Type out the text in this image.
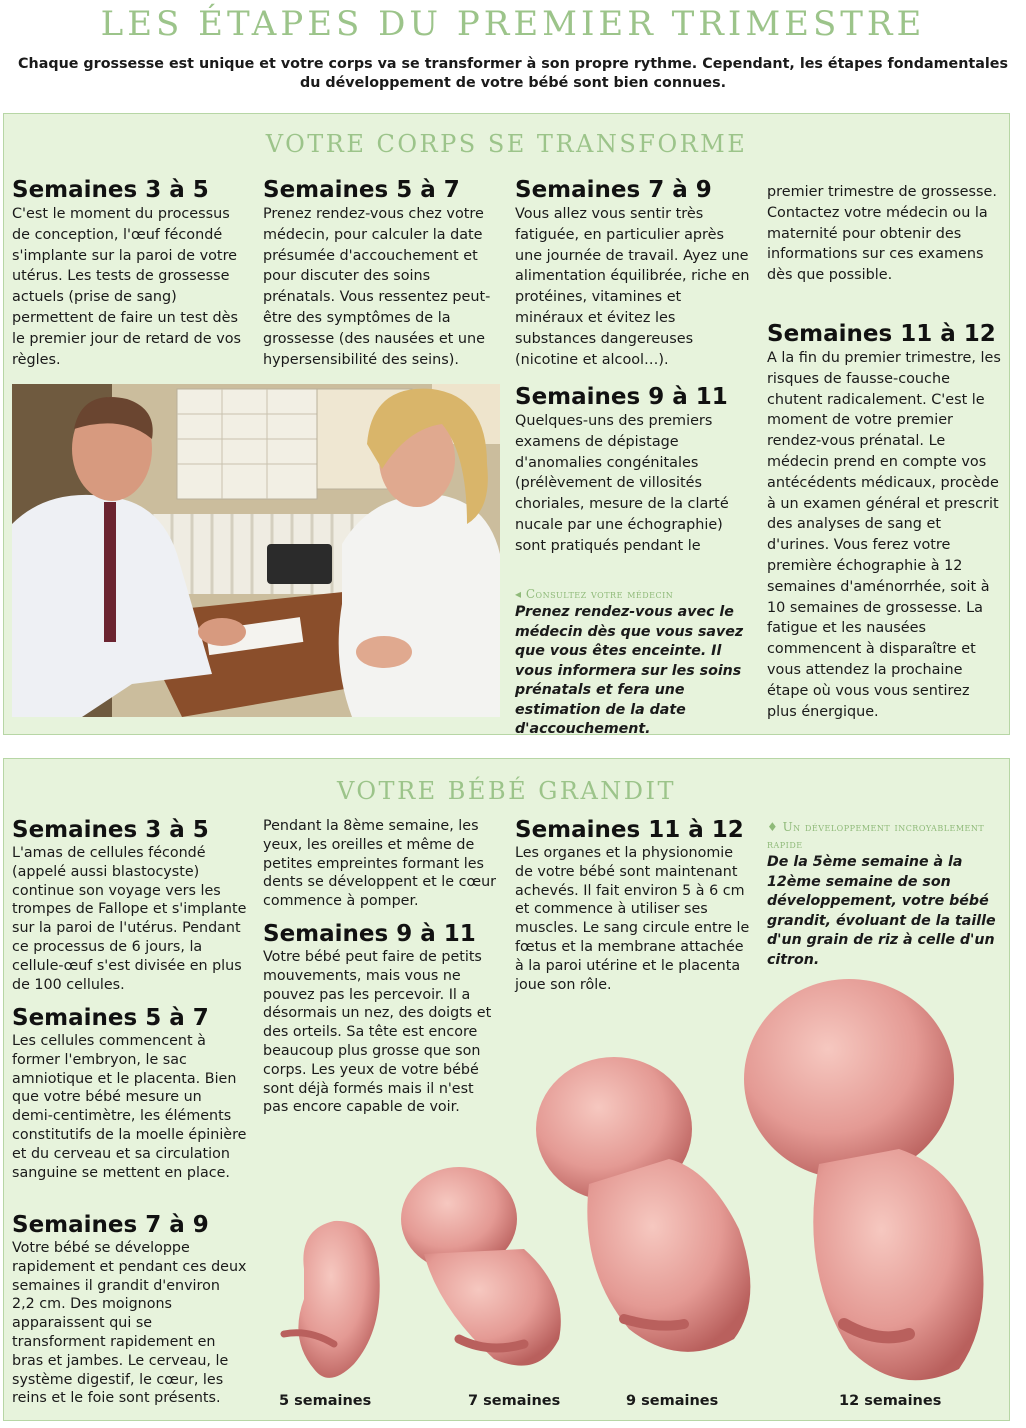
LES ÉTAPES DU PREMIER TRIMESTRE
Chaque grossesse est unique et votre corps va se transformer à son propre rythme. Cependant, les étapes fondamentales du développement de votre bébé sont bien connues.
VOTRE CORPS SE TRANSFORME
Semaines 3 à 5

C'est le moment du processus de conception, l'œuf fécondé s'implante sur la paroi de votre utérus. Les tests de grossesse actuels (prise de sang) permettent de faire un test dès le premier jour de retard de vos règles.

Semaines 5 à 7

Prenez rendez-vous chez votre médecin, pour calculer la date présumée d'accouchement et pour discuter des soins prénatals. Vous ressentez peut-être des symptômes de la grossesse (des nausées et une hypersensibilité des seins).

Semaines 7 à 9

Vous allez vous sentir très fatiguée, en particulier après une journée de travail. Ayez une alimentation équilibrée, riche en protéines, vitamines et minéraux et évitez les substances dangereuses (nicotine et alcool…).

Semaines 9 à 11

Quelques-uns des premiers examens de dépistage d'anomalies congénitales (prélèvement de villosités choriales, mesure de la clarté nucale par une échographie) sont pratiqués pendant le

◂ Consultez votre médecin
Prenez rendez-vous avec le médecin dès que vous savez que vous êtes enceinte. Il vous informera sur les soins prénatals et fera une estimation de la date d'accouchement.

premier trimestre de grossesse. Contactez votre médecin ou la maternité pour obtenir des informations sur ces examens dès que possible.

Semaines 11 à 12

A la fin du premier trimestre, les risques de fausse-couche chutent radicalement. C'est le moment de votre premier rendez-vous prénatal. Le médecin prend en compte vos antécédents médicaux, procède à un examen général et prescrit des analyses de sang et d'urines. Vous ferez votre première échographie à 12 semaines d'aménorrhée, soit à 10 semaines de grossesse. La fatigue et les nausées commencent à disparaître et vous attendez la prochaine étape où vous vous sentirez plus énergique.

VOTRE BÉBÉ GRANDIT
Semaines 3 à 5

L'amas de cellules fécondé (appelé aussi blastocyste) continue son voyage vers les trompes de Fallope et s'implante sur la paroi de l'utérus. Pendant ce processus de 6 jours, la cellule-œuf s'est divisée en plus de 100 cellules.

Semaines 5 à 7

Les cellules commencent à former l'embryon, le sac amniotique et le placenta. Bien que votre bébé mesure un demi-centimètre, les éléments constitutifs de la moelle épinière et du cerveau et sa circulation sanguine se mettent en place.

Semaines 7 à 9

Votre bébé se développe rapidement et pendant ces deux semaines il grandit d'environ 2,2 cm. Des moignons apparaissent qui se transforment rapidement en bras et jambes. Le cerveau, le système digestif, le cœur, les reins et le foie sont présents.

Pendant la 8ème semaine, les yeux, les oreilles et même de petites empreintes formant les dents se développent et le cœur commence à pomper.

Semaines 9 à 11

Votre bébé peut faire de petits mouvements, mais vous ne pouvez pas les percevoir. Il a désormais un nez, des doigts et des orteils. Sa tête est encore beaucoup plus grosse que son corps. Les yeux de votre bébé sont déjà formés mais il n'est pas encore capable de voir.

Semaines 11 à 12

Les organes et la physionomie de votre bébé sont maintenant achevés. Il fait environ 5 à 6 cm et commence à utiliser ses muscles. Le sang circule entre le fœtus et la membrane attachée à la paroi utérine et le placenta joue son rôle.

♦ Un développement incroyablement rapide
De la 5ème semaine à la 12ème semaine de son développement, votre bébé grandit, évoluant de la taille d'un grain de riz à celle d'un citron.
5 semaines	7 semaines	9 semaines	12 semaines
